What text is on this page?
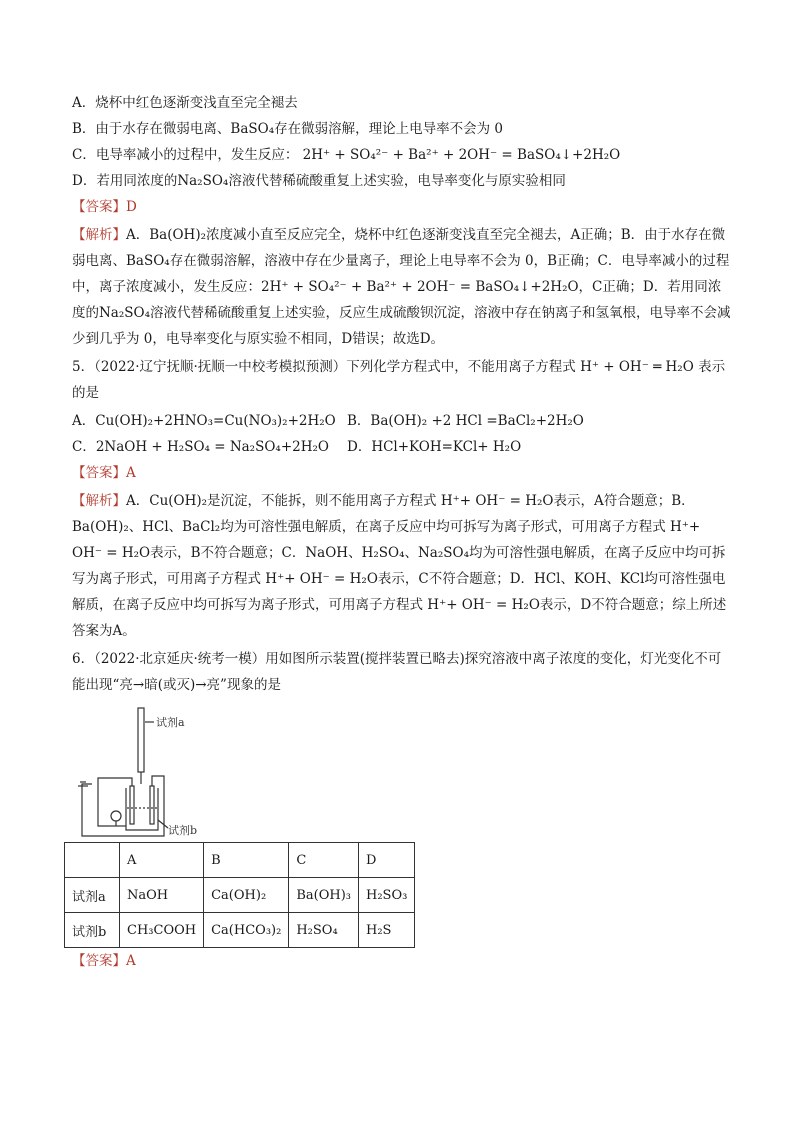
A．烧杯中红色逐渐变浅直至完全褪去
B．由于水存在微弱电离、BaSO₄存在微弱溶解，理论上电导率不会为 0
C．电导率减小的过程中，发生反应： 2H⁺ + SO₄²⁻ + Ba²⁺ + 2OH⁻ = BaSO₄↓+2H₂O
D．若用同浓度的Na₂SO₄溶液代替稀硫酸重复上述实验，电导率变化与原实验相同
【答案】D
【解析】A．Ba(OH)₂浓度减小直至反应完全，烧杯中红色逐渐变浅直至完全褪去，A正确；B．由于水存在微弱电离、BaSO₄存在微弱溶解，溶液中存在少量离子，理论上电导率不会为 0，B正确；C．电导率减小的过程中，离子浓度减小，发生反应：2H⁺ + SO₄²⁻ + Ba²⁺ + 2OH⁻ = BaSO₄↓+2H₂O，C正确；D．若用同浓度的Na₂SO₄溶液代替稀硫酸重复上述实验，反应生成硫酸钡沉淀，溶液中存在钠离子和氢氧根，电导率不会减少到几乎为 0，电导率变化与原实验不相同，D错误；故选D。
5．（2022·辽宁抚顺·抚顺一中校考模拟预测）下列化学方程式中，不能用离子方程式 H⁺ + OH⁻ ═ H₂O 表示的是
A．Cu(OH)₂+2HNO₃=Cu(NO₃)₂+2H₂O B．Ba(OH)₂ +2 HCl =BaCl₂+2H₂O
C．2NaOH + H₂SO₄ = Na₂SO₄+2H₂O	D．HCl+KOH=KCl+ H₂O
【答案】A
【解析】A．Cu(OH)₂是沉淀，不能拆，则不能用离子方程式 H⁺+ OH⁻ = H₂O表示，A符合题意；B．Ba(OH)₂、HCl、BaCl₂均为可溶性强电解质，在离子反应中均可拆写为离子形式，可用离子方程式 H⁺+ OH⁻ = H₂O表示，B不符合题意；C．NaOH、H₂SO₄、Na₂SO₄均为可溶性强电解质，在离子反应中均可拆写为离子形式，可用离子方程式 H⁺+ OH⁻ = H₂O表示，C不符合题意；D．HCl、KOH、KCl均可溶性强电解质，在离子反应中均可拆写为离子形式，可用离子方程式 H⁺+ OH⁻ = H₂O表示，D不符合题意；综上所述答案为A。
6．（2022·北京延庆·统考一模）用如图所示装置(搅拌装置已略去)探究溶液中离子浓度的变化，灯光变化不可能出现“亮→暗(或灭)→亮”现象的是
试剂a
试剂b
	A	B	C	D
试剂a	NaOH	Ca(OH)₂	Ba(OH)₃	H₂SO₃
试剂b	CH₃COOH	Ca(HCO₃)₂	H₂SO₄	H₂S
【答案】A
